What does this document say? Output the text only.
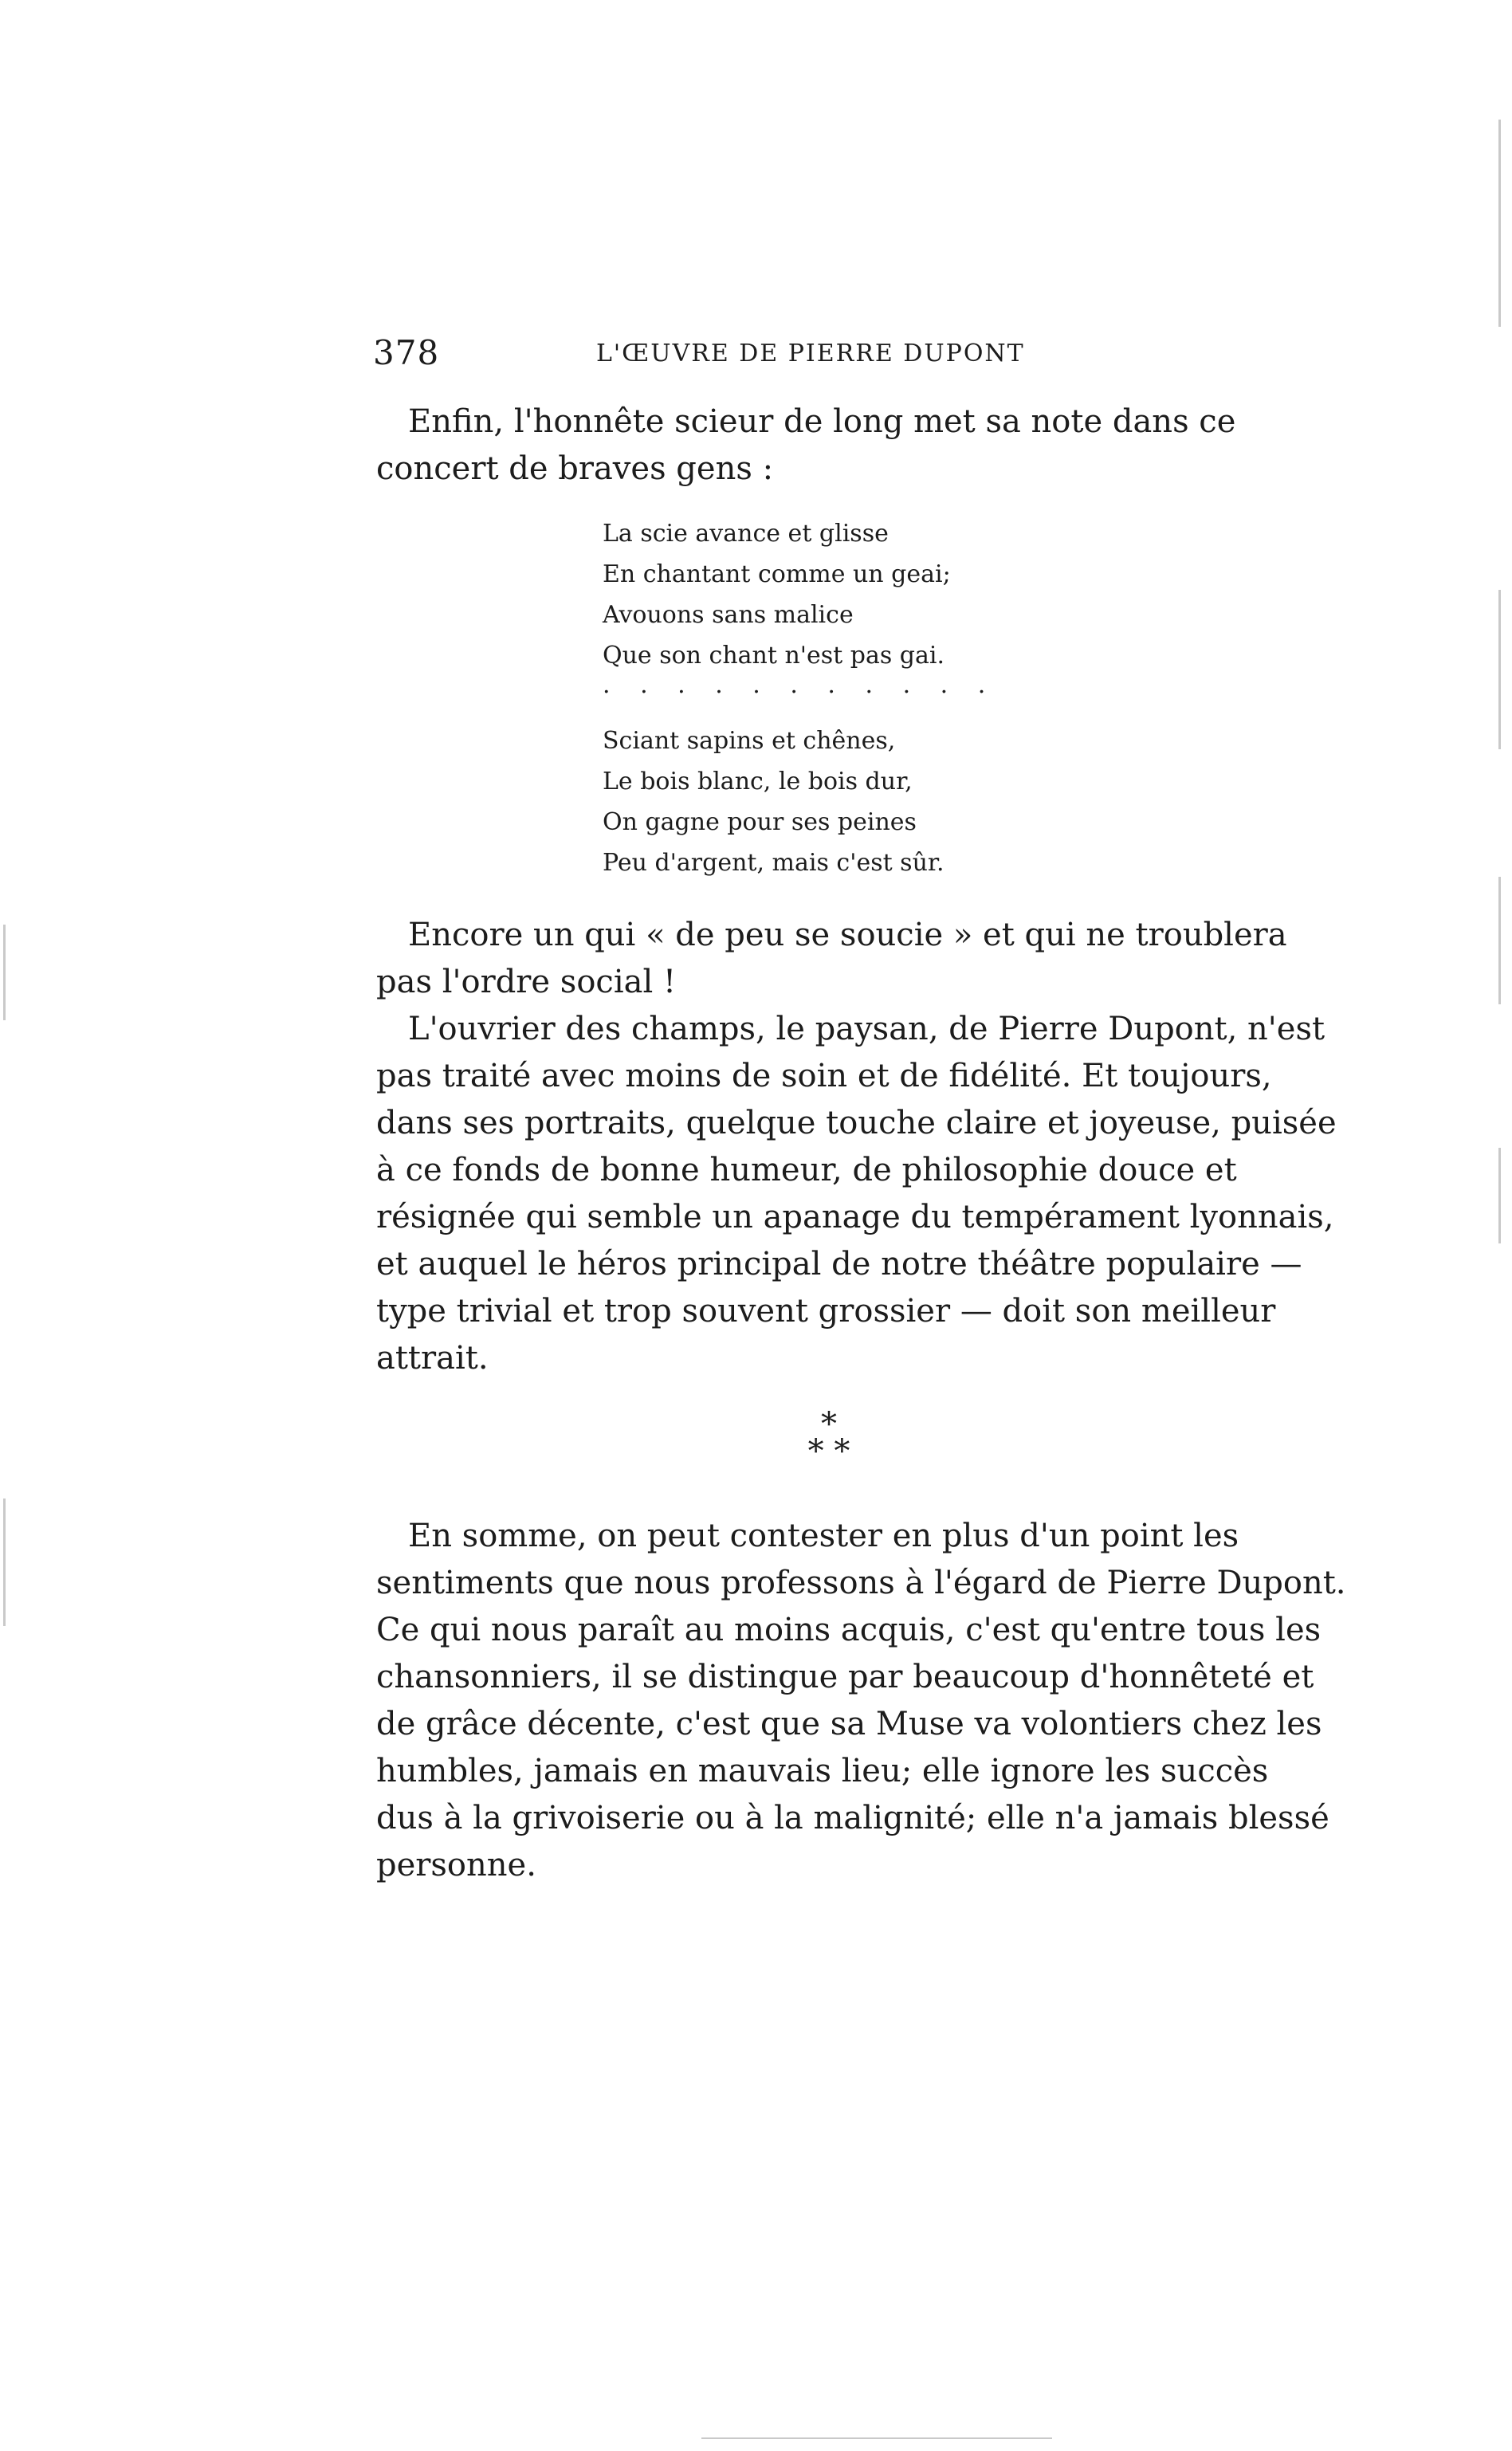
378	L'ŒUVRE DE PIERRE DUPONT
Enfin, l'honnête scieur de long met sa note dans ce
concert de braves gens :
La scie avance et glisse
En chantant comme un geai;
Avouons sans malice
Que son chant n'est pas gai.
. . . . . . . . . . .
Sciant sapins et chênes,
Le bois blanc, le bois dur,
On gagne pour ses peines
Peu d'argent, mais c'est sûr.
Encore un qui « de peu se soucie » et qui ne troublera
pas l'ordre social !
L'ouvrier des champs, le paysan, de Pierre Dupont, n'est
pas traité avec moins de soin et de fidélité. Et toujours,
dans ses portraits, quelque touche claire et joyeuse, puisée
à ce fonds de bonne humeur, de philosophie douce et
résignée qui semble un apanage du tempérament lyonnais,
et auquel le héros principal de notre théâtre populaire —
type trivial et trop souvent grossier — doit son meilleur
attrait.
*
* *
En somme, on peut contester en plus d'un point les
sentiments que nous professons à l'égard de Pierre Dupont.
Ce qui nous paraît au moins acquis, c'est qu'entre tous les
chansonniers, il se distingue par beaucoup d'honnêteté et
de grâce décente, c'est que sa Muse va volontiers chez les
humbles, jamais en mauvais lieu; elle ignore les succès
dus à la grivoiserie ou à la malignité; elle n'a jamais blessé
personne.
